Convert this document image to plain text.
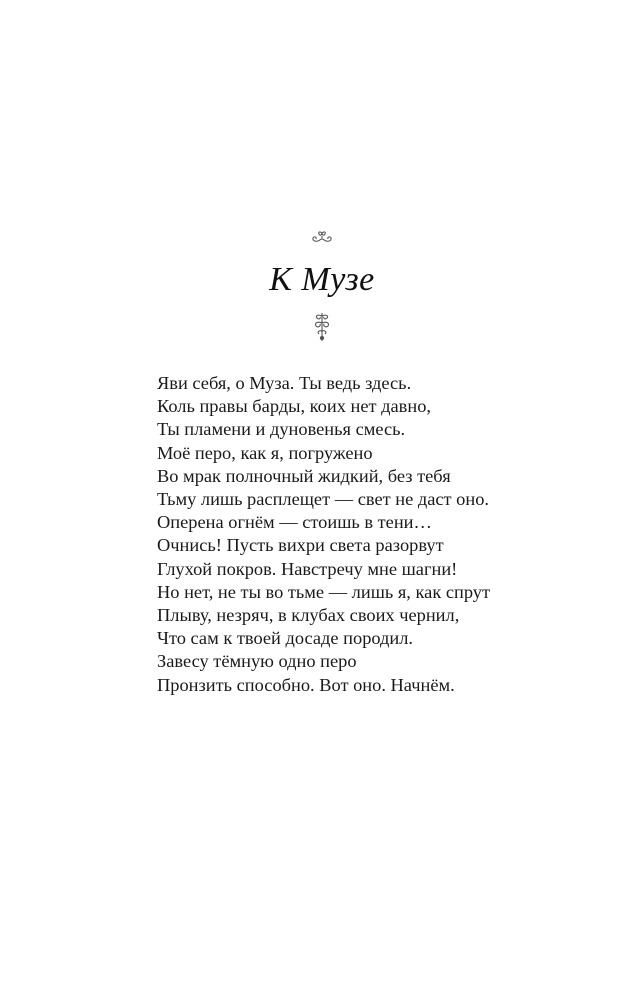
К Музе
Яви себя, о Муза. Ты ведь здесь.
Коль правы барды, коих нет давно,
Ты пламени и дуновенья смесь.
Моё перо, как я, погружено
Во мрак полночный жидкий, без тебя
Тьму лишь расплещет — свет не даст оно.
Оперена огнём — стоишь в тени…
Очнись! Пусть вихри света разорвут
Глухой покров. Навстречу мне шагни!
Но нет, не ты во тьме — лишь я, как спрут
Плыву, незряч, в клубах своих чернил,
Что сам к твоей досаде породил.
Завесу тёмную одно перо
Пронзить способно. Вот оно. Начнём.
